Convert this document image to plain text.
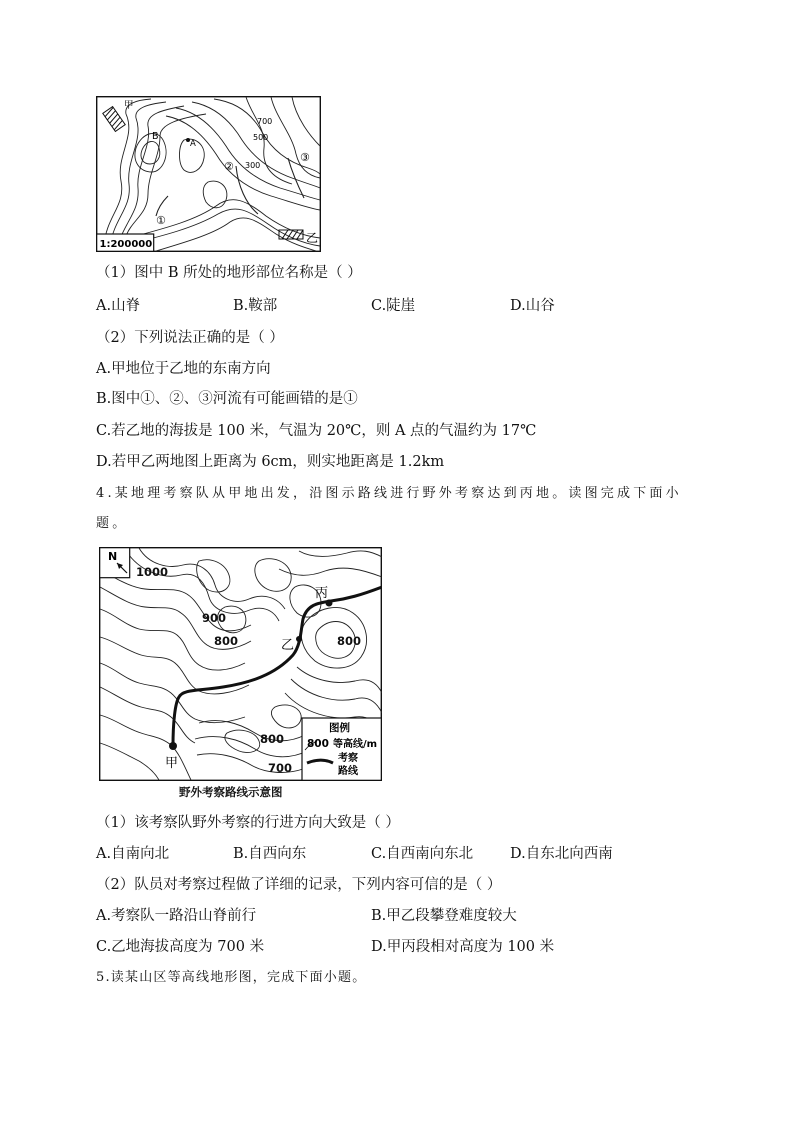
1:200000
甲
乙
B
A
700
500
300
①
②
③
（1）图中 B 所处的地形部位名称是（ ）
A.山脊	B.鞍部	C.陡崖	D.山谷
（2）下列说法正确的是（ ）
A.甲地位于乙地的东南方向
B.图中①、②、③河流有可能画错的是①
C.若乙地的海拔是 100 米，气温为 20℃，则 A 点的气温约为 17℃
D.若甲乙两地图上距离为 6cm，则实地距离是 1.2km
4.某地理考察队从甲地出发，沿图示路线进行野外考察达到丙地。读图完成下面小
题。
N
1000
900
800	800
800
700
甲
乙
丙
图例
800 等高线/m
考察
路线
野外考察路线示意图
（1）该考察队野外考察的行进方向大致是（ ）
A.自南向北	B.自西向东	C.自西南向东北	D.自东北向西南
（2）队员对考察过程做了详细的记录，下列内容可信的是（ ）
A.考察队一路沿山脊前行	B.甲乙段攀登难度较大
C.乙地海拔高度为 700 米	D.甲丙段相对高度为 100 米
5.读某山区等高线地形图，完成下面小题。
